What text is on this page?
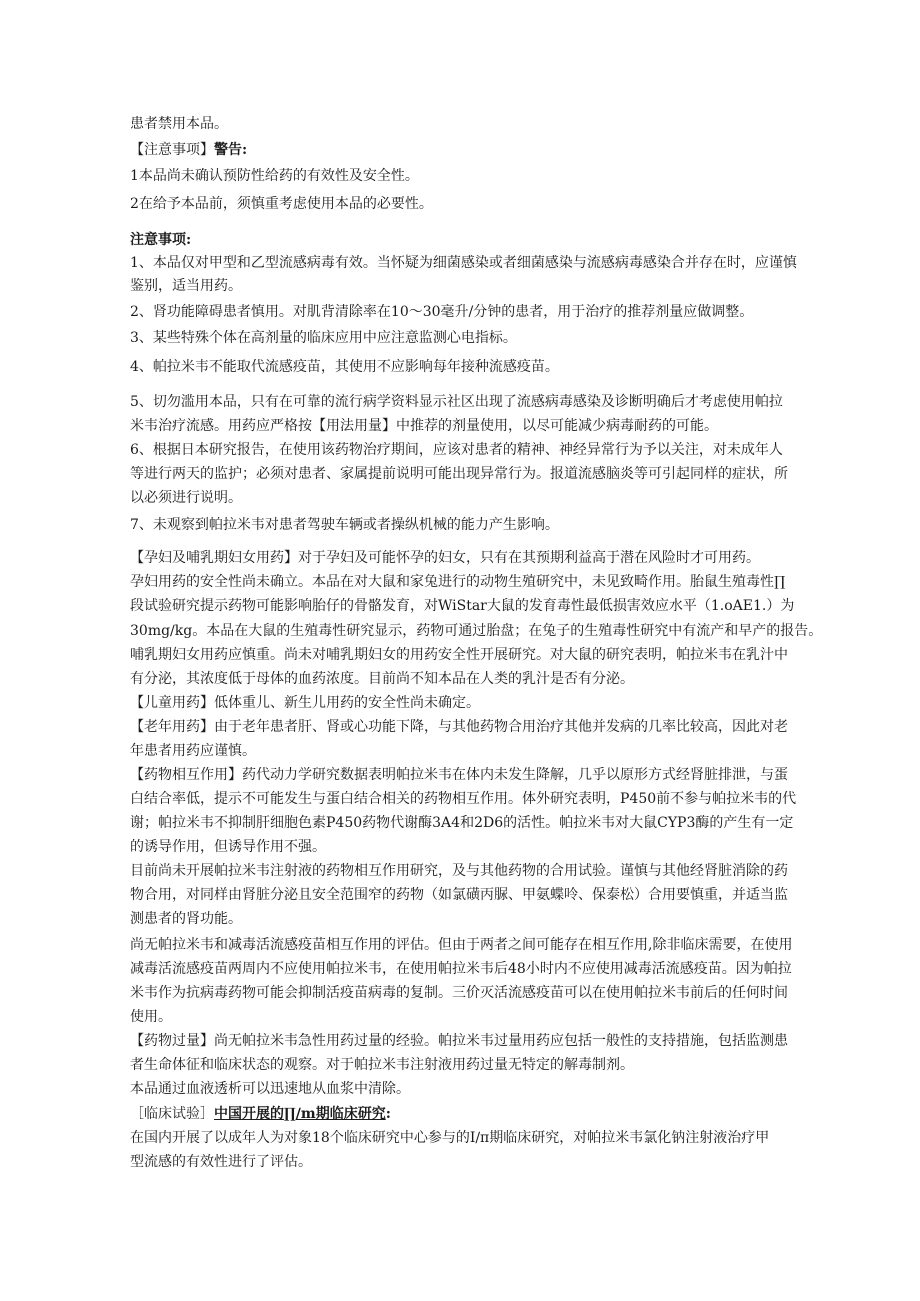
患者禁用本品。
【注意事项】警告:
1本品尚未确认预防性给药的有效性及安全性。
2在给予本品前，须慎重考虑使用本品的必要性。
注意事项:
1、本品仅对甲型和乙型流感病毒有效。当怀疑为细菌感染或者细菌感染与流感病毒感染合并存在时，应谨慎
鉴别，适当用药。
2、肾功能障碍患者慎用。对肌背清除率在10〜30毫升/分钟的患者，用于治疗的推荐剂量应做调整。
3、某些特殊个体在高剂量的临床应用中应注意监测心电指标。
4、帕拉米韦不能取代流感疫苗，其使用不应影响每年接种流感疫苗。
5、切勿滥用本品，只有在可靠的流行病学资料显示社区出现了流感病毒感染及诊断明确后才考虑使用帕拉
米韦治疗流感。用药应严格按【用法用量】中推荐的剂量使用，以尽可能减少病毒耐药的可能。
6、根据日本研究报告，在使用该药物治疗期间，应该对患者的精神、神经异常行为予以关注，对未成年人
等进行两天的监护；必须对患者、家属提前说明可能出现异常行为。报道流感脑炎等可引起同样的症状，所
以必须进行说明。
7、未观察到帕拉米韦对患者驾驶车辆或者操纵机械的能力产生影响。
【孕妇及哺乳期妇女用药】对于孕妇及可能怀孕的妇女，只有在其预期利益高于潜在风险时才可用药。
孕妇用药的安全性尚未确立。本品在对大鼠和家兔进行的动物生殖研究中，未见致畸作用。胎鼠生殖毒性∏
段试验研究提示药物可能影响胎仔的骨骼发育，对WiStar大鼠的发育毒性最低损害效应水平（1.oAE1.）为
30mg∕kg。本品在大鼠的生殖毒性研究显示，药物可通过胎盘；在兔子的生殖毒性研究中有流产和早产的报告。
哺乳期妇女用药应慎重。尚未对哺乳期妇女的用药安全性开展研究。对大鼠的研究表明，帕拉米韦在乳汁中
有分泌，其浓度低于母体的血药浓度。目前尚不知本品在人类的乳汁是否有分泌。
【儿童用药】低体重儿、新生儿用药的安全性尚未确定。
【老年用药】由于老年患者肝、肾或心功能下降，与其他药物合用治疗其他并发病的几率比较高，因此对老
年患者用药应谨慎。
【药物相互作用】药代动力学研究数据表明帕拉米韦在体内未发生降解，几乎以原形方式经肾脏排泄，与蛋
白结合率低，提示不可能发生与蛋白结合相关的药物相互作用。体外研究表明，P450前不参与帕拉米韦的代
谢；帕拉米韦不抑制肝细胞色素P450药物代谢酶3A4和2D6的活性。帕拉米韦对大鼠CYP3酶的产生有一定
的诱导作用，但诱导作用不强。
目前尚未开展帕拉米韦注射液的药物相互作用研究，及与其他药物的合用试验。谨慎与其他经肾脏消除的药
物合用，对同样由肾脏分泌且安全范围窄的药物（如氯磺丙脲、甲氨蝶呤、保泰松）合用要慎重，并适当监
测患者的肾功能。
尚无帕拉米韦和减毒活流感疫苗相互作用的评估。但由于两者之间可能存在相互作用,除非临床需要，在使用
减毒活流感疫苗两周内不应使用帕拉米韦，在使用帕拉米韦后48小时内不应使用减毒活流感疫苗。因为帕拉
米韦作为抗病毒药物可能会抑制活疫苗病毒的复制。三价灭活流感疫苗可以在使用帕拉米韦前后的任何时间
使用。
【药物过量】尚无帕拉米韦急性用药过量的经验。帕拉米韦过量用药应包括一般性的支持措施，包括监测患
者生命体征和临床状态的观察。对于帕拉米韦注射液用药过量无特定的解毒制剂。
本品通过血液透析可以迅速地从血浆中清除。
［临床试验］中国开展的∏∕m期临床研究:
在国内开展了以成年人为对象18个临床研究中心参与的I∕π期临床研究，对帕拉米韦氯化钠注射液治疗甲
型流感的有效性进行了评估。
